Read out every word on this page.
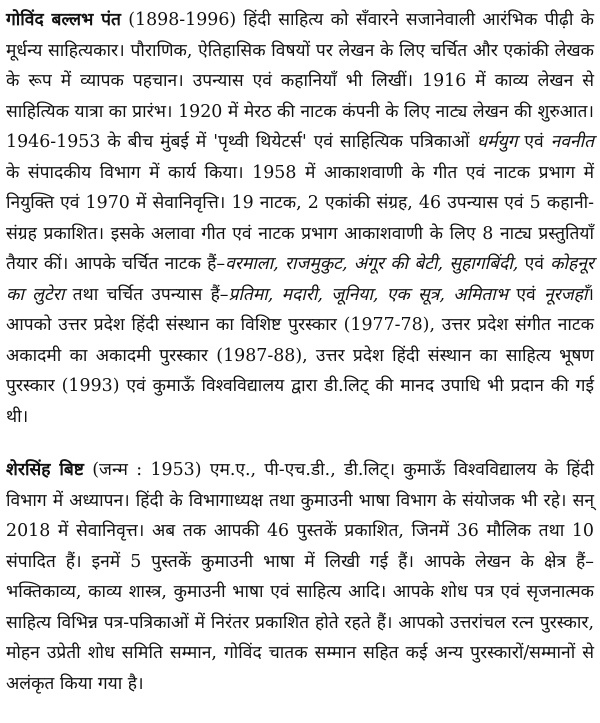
गोविंद बल्लभ पंत (1898-1996) हिंदी साहित्य को सँवारने सजानेवाली आरंभिक पीढ़ी के मूर्धन्य साहित्यकार। पौराणिक, ऐतिहासिक विषयों पर लेखन के लिए चर्चित और एकांकी लेखक के रूप में व्यापक पहचान। उपन्यास एवं कहानियाँ भी लिखीं। 1916 में काव्य लेखन से साहित्यिक यात्रा का प्रारंभ। 1920 में मेरठ की नाटक कंपनी के लिए नाट्य लेखन की शुरुआत। 1946-1953 के बीच मुंबई में 'पृथ्वी थियेटर्स' एवं साहित्यिक पत्रिकाओं धर्मयुग एवं नवनीत के संपादकीय विभाग में कार्य किया। 1958 में आकाशवाणी के गीत एवं नाटक प्रभाग में नियुक्ति एवं 1970 में सेवानिवृत्ति। 19 नाटक, 2 एकांकी संग्रह, 46 उपन्यास एवं 5 कहानी-संग्रह प्रकाशित। इसके अलावा गीत एवं नाटक प्रभाग आकाशवाणी के लिए 8 नाट्य प्रस्तुतियाँ तैयार कीं। आपके चर्चित नाटक हैं–वरमाला, राजमुकुट, अंगूर की बेटी, सुहागबिंदी, एवं कोहनूर का लुटेरा तथा चर्चित उपन्यास हैं–प्रतिमा, मदारी, जूनिया, एक सूत्र, अमिताभ एवं नूरजहाँ। आपको उत्तर प्रदेश हिंदी संस्थान का विशिष्ट पुरस्कार (1977-78), उत्तर प्रदेश संगीत नाटक अकादमी का अकादमी पुरस्कार (1987-88), उत्तर प्रदेश हिंदी संस्थान का साहित्य भूषण पुरस्कार (1993) एवं कुमाऊँ विश्वविद्यालय द्वारा डी.लिट् की मानद उपाधि भी प्रदान की गई थी।

शेरसिंह बिष्ट (जन्म : 1953) एम.ए., पी-एच.डी., डी.लिट्। कुमाऊँ विश्वविद्यालय के हिंदी विभाग में अध्यापन। हिंदी के विभागाध्यक्ष तथा कुमाउनी भाषा विभाग के संयोजक भी रहे। सन् 2018 में सेवानिवृत्त। अब तक आपकी 46 पुस्तकें प्रकाशित, जिनमें 36 मौलिक तथा 10 संपादित हैं। इनमें 5 पुस्तकें कुमाउनी भाषा में लिखी गई हैं। आपके लेखन के क्षेत्र हैं–भक्तिकाव्य, काव्य शास्त्र, कुमाउनी भाषा एवं साहित्य आदि। आपके शोध पत्र एवं सृजनात्मक साहित्य विभिन्न पत्र-पत्रिकाओं में निरंतर प्रकाशित होते रहते हैं। आपको उत्तरांचल रत्न पुरस्कार, मोहन उप्रेती शोध समिति सम्मान, गोविंद चातक सम्मान सहित कई अन्य पुरस्कारों/सम्मानों से अलंकृत किया गया है।
